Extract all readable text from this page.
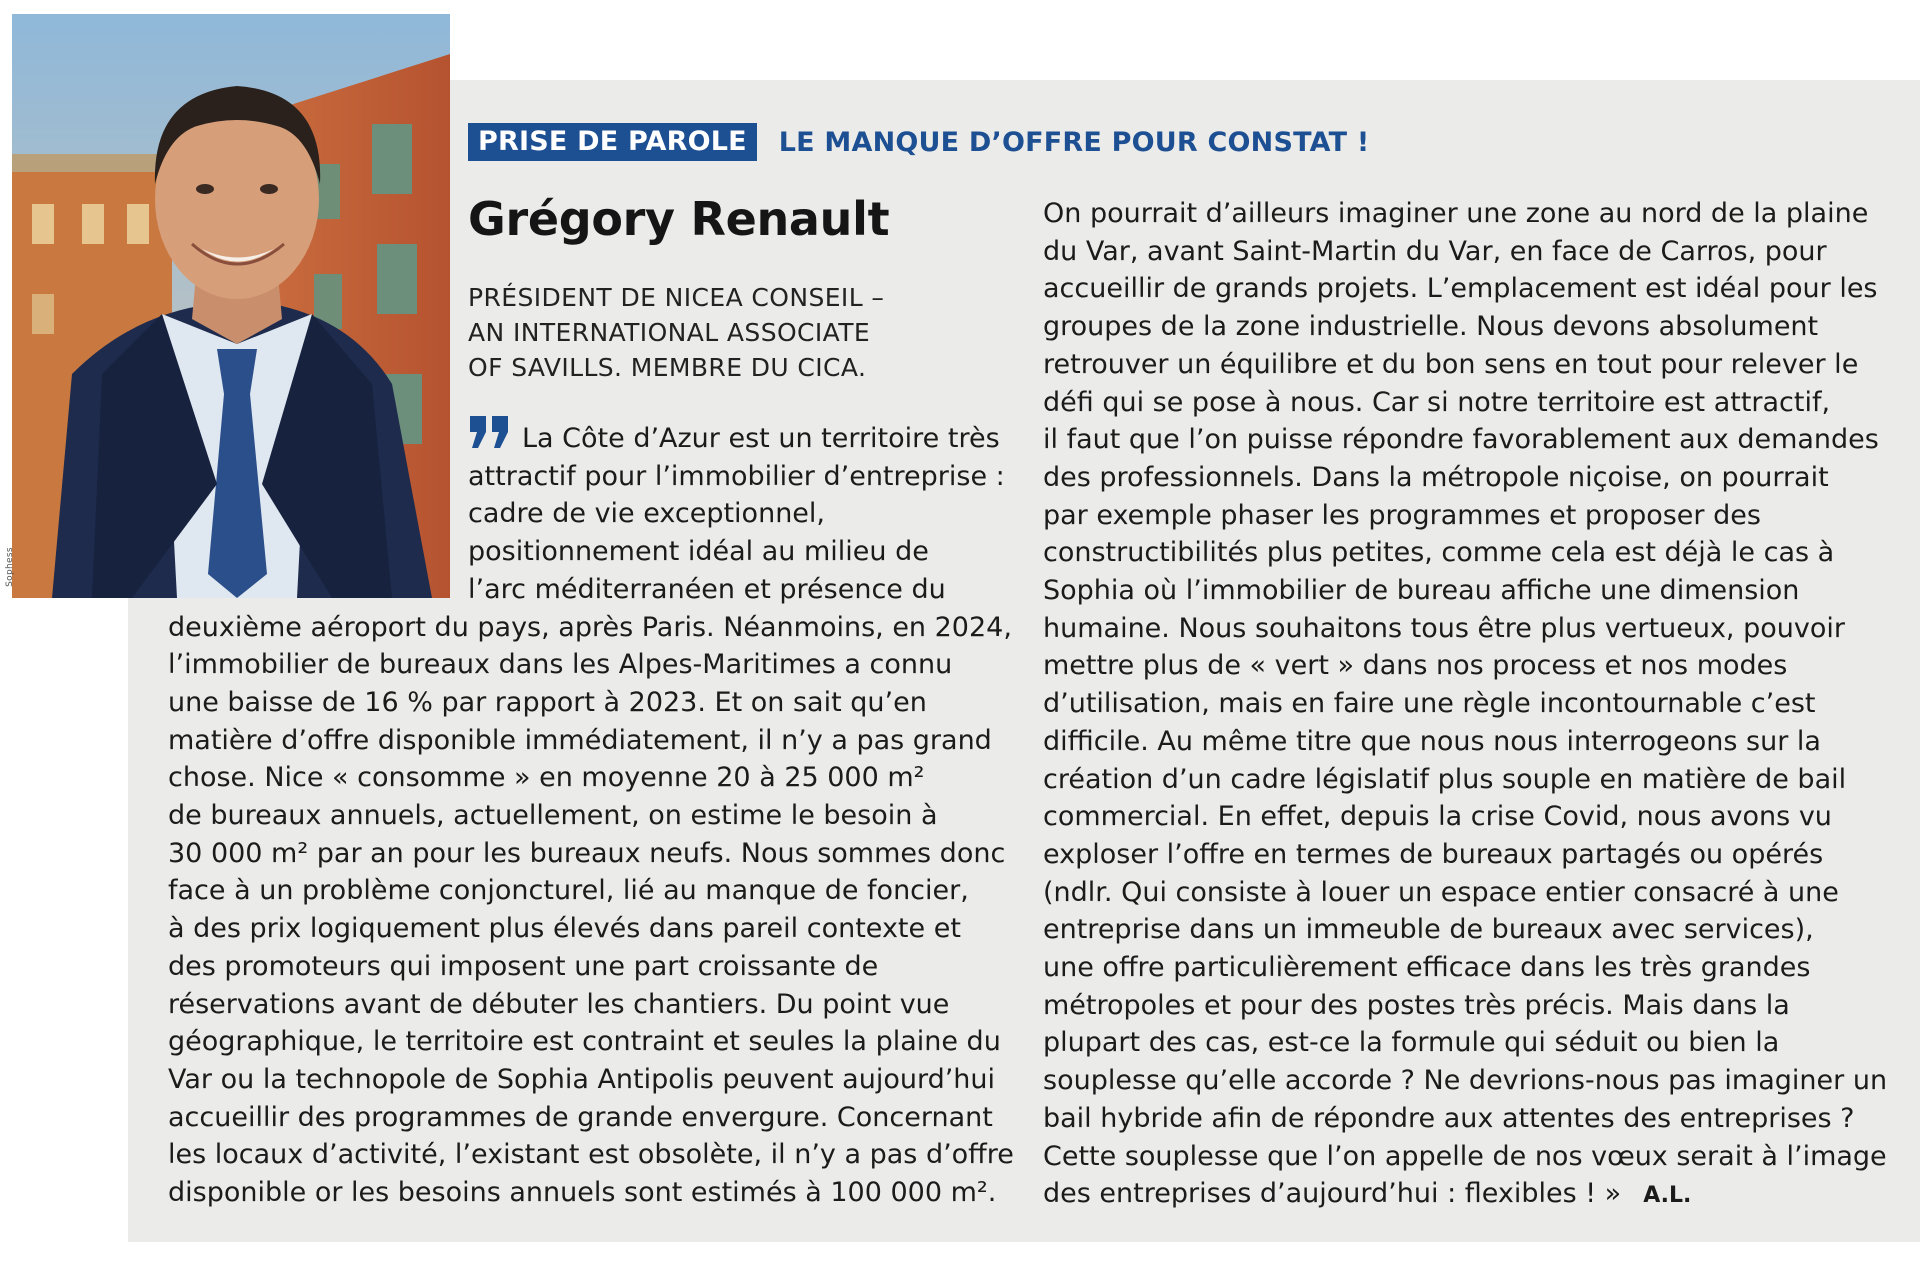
Sophess
PRISE DE PAROLE	LE MANQUE D’OFFRE POUR CONSTAT !
Grégory Renault
PRÉSIDENT DE NICEA CONSEIL –
AN INTERNATIONAL ASSOCIATE
OF SAVILLS. MEMBRE DU CICA.
La Côte d’Azur est un territoire très
attractif pour l’immobilier d’entreprise :
cadre de vie exceptionnel,
positionnement idéal au milieu de
l’arc méditerranéen et présence du
deuxième aéroport du pays, après Paris. Néanmoins, en 2024,
l’immobilier de bureaux dans les Alpes-Maritimes a connu
une baisse de 16 % par rapport à 2023. Et on sait qu’en
matière d’offre disponible immédiatement, il n’y a pas grand
chose. Nice « consomme » en moyenne 20 à 25 000 m²
de bureaux annuels, actuellement, on estime le besoin à
30 000 m² par an pour les bureaux neufs. Nous sommes donc
face à un problème conjoncturel, lié au manque de foncier,
à des prix logiquement plus élevés dans pareil contexte et
des promoteurs qui imposent une part croissante de
réservations avant de débuter les chantiers. Du point vue
géographique, le territoire est contraint et seules la plaine du
Var ou la technopole de Sophia Antipolis peuvent aujourd’hui
accueillir des programmes de grande envergure. Concernant
les locaux d’activité, l’existant est obsolète, il n’y a pas d’offre
disponible or les besoins annuels sont estimés à 100 000 m².
On pourrait d’ailleurs imaginer une zone au nord de la plaine
du Var, avant Saint-Martin du Var, en face de Carros, pour
accueillir de grands projets. L’emplacement est idéal pour les
groupes de la zone industrielle. Nous devons absolument
retrouver un équilibre et du bon sens en tout pour relever le
défi qui se pose à nous. Car si notre territoire est attractif,
il faut que l’on puisse répondre favorablement aux demandes
des professionnels. Dans la métropole niçoise, on pourrait
par exemple phaser les programmes et proposer des
constructibilités plus petites, comme cela est déjà le cas à
Sophia où l’immobilier de bureau affiche une dimension
humaine. Nous souhaitons tous être plus vertueux, pouvoir
mettre plus de « vert » dans nos process et nos modes
d’utilisation, mais en faire une règle incontournable c’est
difficile. Au même titre que nous nous interrogeons sur la
création d’un cadre législatif plus souple en matière de bail
commercial. En effet, depuis la crise Covid, nous avons vu
exploser l’offre en termes de bureaux partagés ou opérés
(ndlr. Qui consiste à louer un espace entier consacré à une
entreprise dans un immeuble de bureaux avec services),
une offre particulièrement efficace dans les très grandes
métropoles et pour des postes très précis. Mais dans la
plupart des cas, est-ce la formule qui séduit ou bien la
souplesse qu’elle accorde ? Ne devrions-nous pas imaginer un
bail hybride afin de répondre aux attentes des entreprises ?
Cette souplesse que l’on appelle de nos vœux serait à l’image
des entreprises d’aujourd’hui : flexibles ! » A.L.
